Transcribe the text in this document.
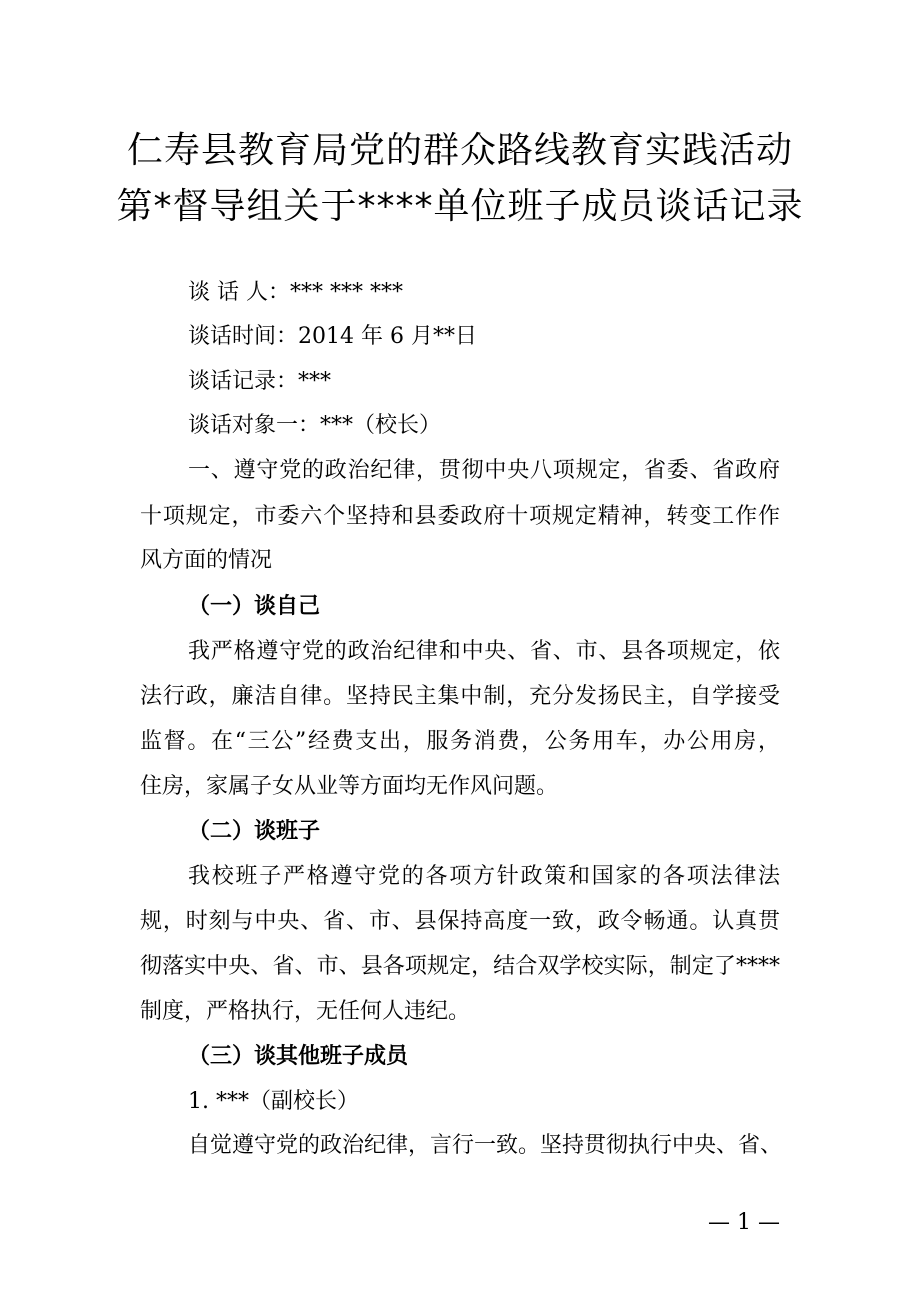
仁寿县教育局党的群众路线教育实践活动
第*督导组关于****单位班子成员谈话记录
谈 话 人：*** *** ***
谈话时间：2014 年 6 月**日
谈话记录：***
谈话对象一：***（校长）
一、遵守党的政治纪律，贯彻中央八项规定，省委、省政府
十项规定，市委六个坚持和县委政府十项规定精神，转变工作作
风方面的情况
（一）谈自己
我严格遵守党的政治纪律和中央、省、市、县各项规定，依
法行政，廉洁自律。坚持民主集中制，充分发扬民主，自学接受
监督。在“三公”经费支出，服务消费，公务用车，办公用房，
住房，家属子女从业等方面均无作风问题。
（二）谈班子
我校班子严格遵守党的各项方针政策和国家的各项法律法
规，时刻与中央、省、市、县保持高度一致，政令畅通。认真贯
彻落实中央、省、市、县各项规定，结合双学校实际，制定了****
制度，严格执行，无任何人违纪。
（三）谈其他班子成员
1. ***（副校长）
自觉遵守党的政治纪律，言行一致。坚持贯彻执行中央、省、
— 1 —
